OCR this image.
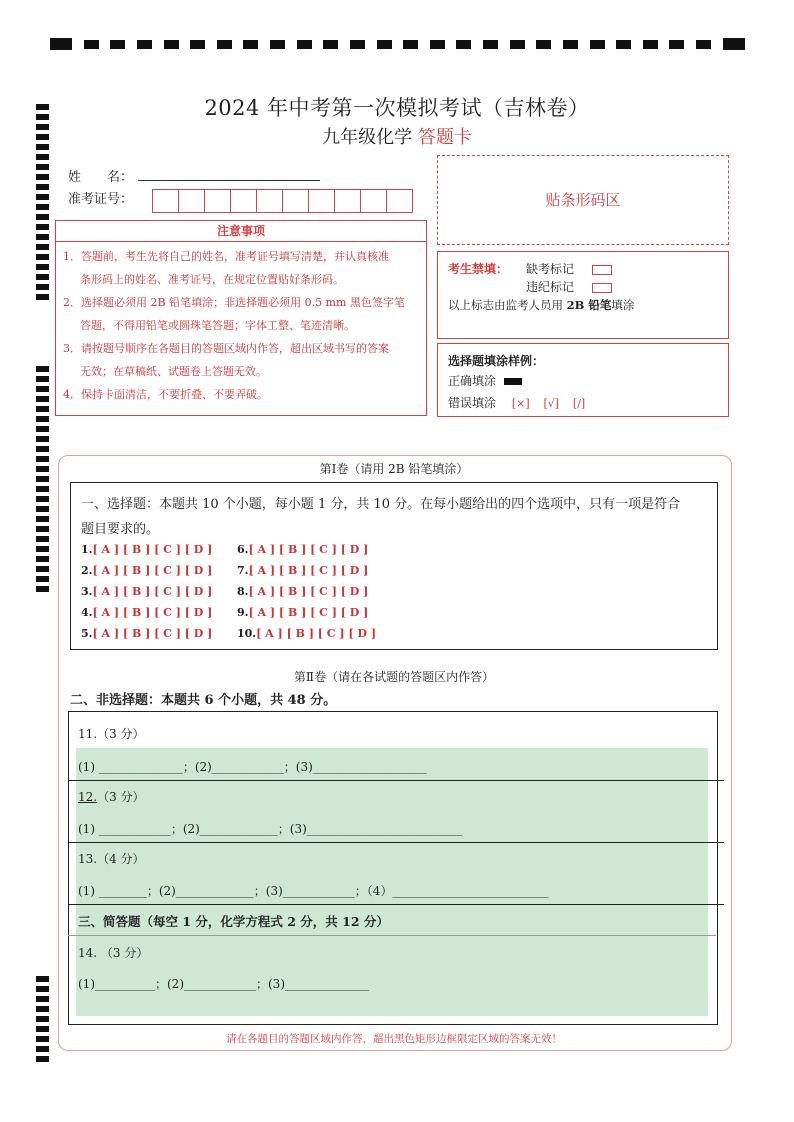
2024 年中考第一次模拟考试（吉林卷）
九年级化学 答题卡
姓　　名：
准考证号：	贴条形码区
注意事项

1．答题前，考生先将自己的姓名，准考证号填写清楚，并认真核准

条形码上的姓名、准考证号，在规定位置贴好条形码。

2．选择题必须用 2B 铅笔填涂；非选择题必须用 0.5 mm 黑色签字笔

答题，不得用铅笔或圆珠笔答题；字体工整、笔迹清晰。

3．请按题号顺序在各题目的答题区域内作答，超出区域书写的答案

无效；在草稿纸、试题卷上答题无效。

4．保持卡面清洁，不要折叠、不要弄破。

考生禁填： 缺考标记
违纪标记
以上标志由监考人员用 2B 铅笔填涂
选择题填涂样例：
正确填涂
错误填涂 [×] [√] [/]
第Ⅰ卷（请用 2B 铅笔填涂）
一、选择题：本题共 10 个小题，每小题 1 分，共 10 分。在每小题给出的四个选项中，只有一项是符合
题目要求的。
1.[ A ] [ B ] [ C ] [ D ]
2.[ A ] [ B ] [ C ] [ D ]
3.[ A ] [ B ] [ C ] [ D ]
4.[ A ] [ B ] [ C ] [ D ]
5.[ A ] [ B ] [ C ] [ D ]
6.[ A ] [ B ] [ C ] [ D ]
7.[ A ] [ B ] [ C ] [ D ]
8.[ A ] [ B ] [ C ] [ D ]
9.[ A ] [ B ] [ C ] [ D ]
10.[ A ] [ B ] [ C ] [ D ]
第Ⅱ卷（请在各试题的答题区内作答）
二、非选择题：本题共 6 个小题，共 48 分。
11.（3 分）
(1) ______________；(2)____________；(3)___________________
12.（3 分）
(1) ____________；(2)_____________；(3)__________________________
13.（4 分）
(1) ________；(2)_____________；(3)____________；（4）__________________________
三、简答题（每空 1 分，化学方程式 2 分，共 12 分）
14. （3 分）
(1)__________；(2)____________；(3)______________
请在各题目的答题区域内作答，超出黑色矩形边框限定区域的答案无效！
